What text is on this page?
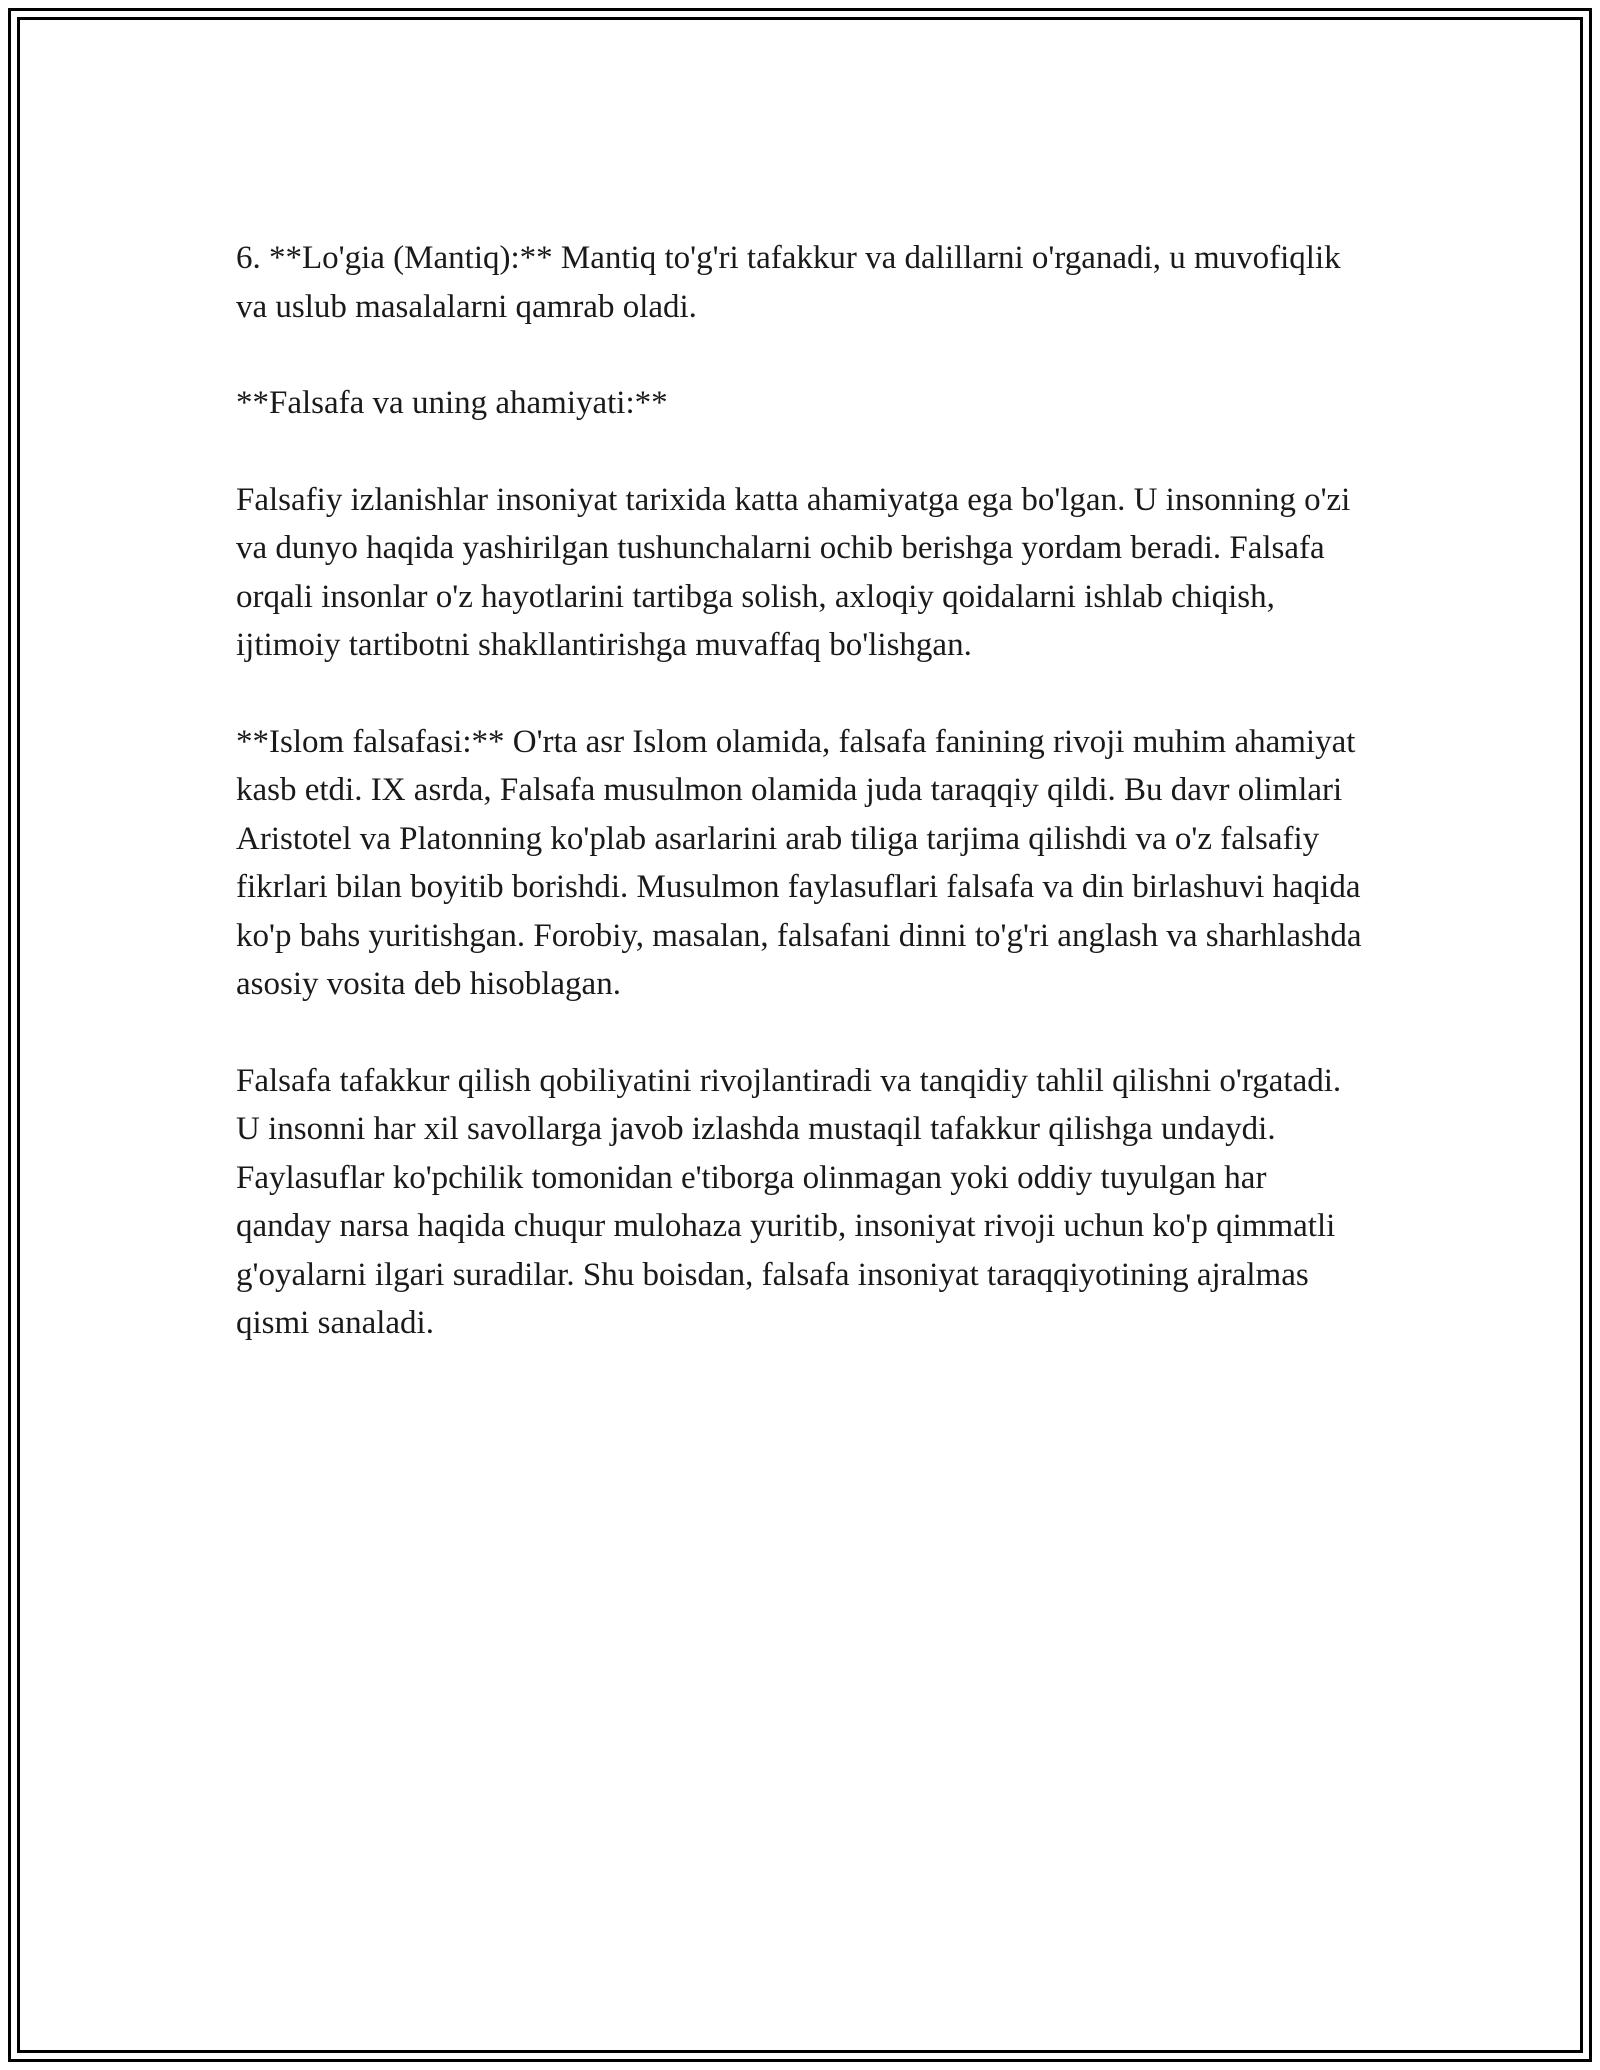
6. **Lo'gia (Mantiq):** Mantiq to'g'ri tafakkur va dalillarni o'rganadi, u muvofiqlik va uslub masalalarni qamrab oladi.

**Falsafa va uning ahamiyati:**

Falsafiy izlanishlar insoniyat tarixida katta ahamiyatga ega bo'lgan. U insonning o'zi va dunyo haqida yashirilgan tushunchalarni ochib berishga yordam beradi. Falsafa orqali insonlar o'z hayotlarini tartibga solish, axloqiy qoidalarni ishlab chiqish, ijtimoiy tartibotni shakllantirishga muvaffaq bo'lishgan.

**Islom falsafasi:** O'rta asr Islom olamida, falsafa fanining rivoji muhim ahamiyat kasb etdi. IX asrda, Falsafa musulmon olamida juda taraqqiy qildi. Bu davr olimlari Aristotel va Platonning ko'plab asarlarini arab tiliga tarjima qilishdi va o'z falsafiy fikrlari bilan boyitib borishdi. Musulmon faylasuflari falsafa va din birlashuvi haqida ko'p bahs yuritishgan. Forobiy, masalan, falsafani dinni to'g'ri anglash va sharhlashda asosiy vosita deb hisoblagan.

Falsafa tafakkur qilish qobiliyatini rivojlantiradi va tanqidiy tahlil qilishni o'rgatadi. U insonni har xil savollarga javob izlashda mustaqil tafakkur qilishga undaydi. Faylasuflar ko'pchilik tomonidan e'tiborga olinmagan yoki oddiy tuyulgan har qanday narsa haqida chuqur mulohaza yuritib, insoniyat rivoji uchun ko'p qimmatli g'oyalarni ilgari suradilar. Shu boisdan, falsafa insoniyat taraqqiyotining ajralmas qismi sanaladi.
